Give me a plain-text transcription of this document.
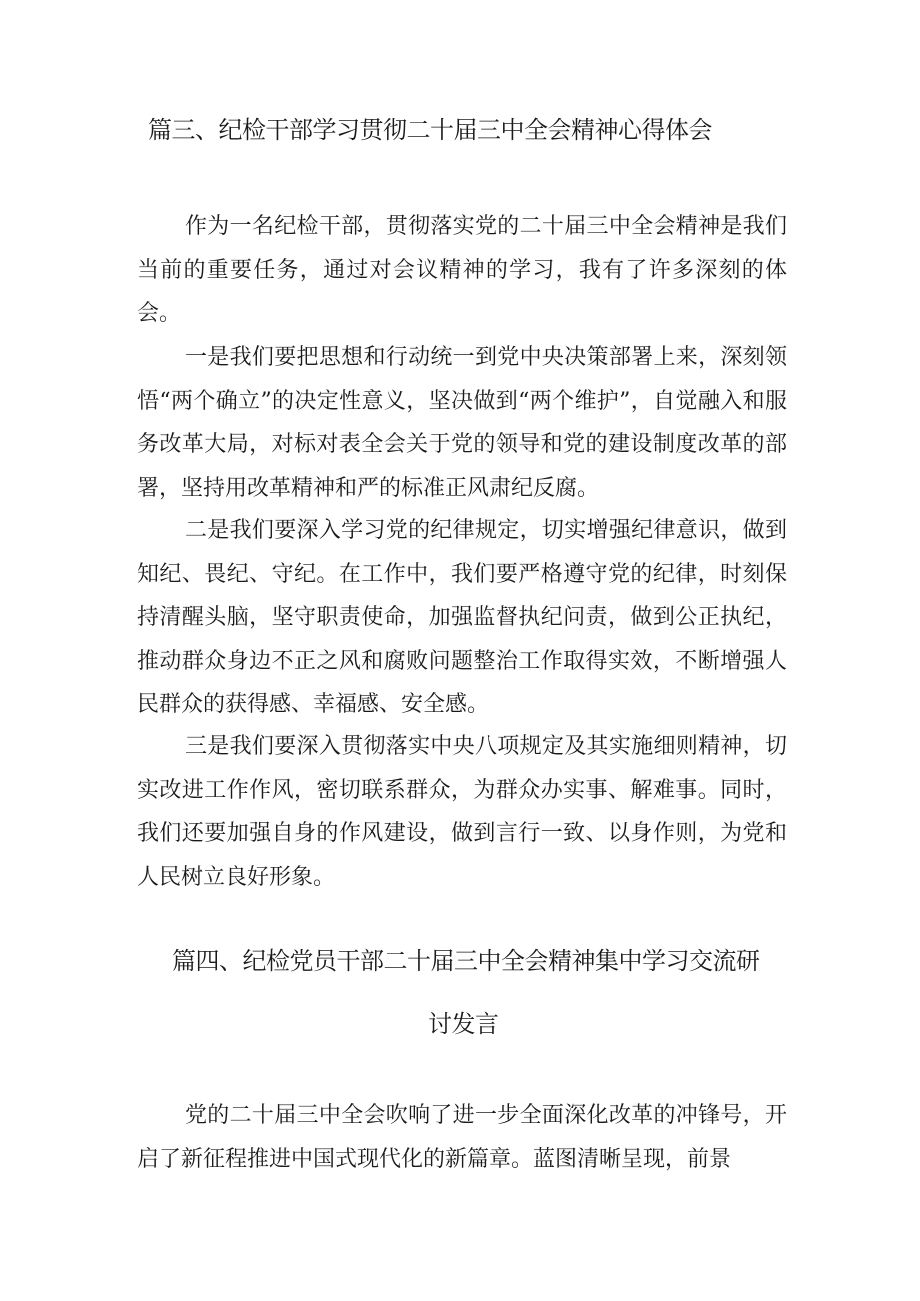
篇三、纪检干部学习贯彻二十届三中全会精神心得体会

作为一名纪检干部，贯彻落实党的二十届三中全会精神是我们当前的重要任务，通过对会议精神的学习，我有了许多深刻的体会。

一是我们要把思想和行动统一到党中央决策部署上来，深刻领悟“两个确立”的决定性意义，坚决做到“两个维护”，自觉融入和服务改革大局，对标对表全会关于党的领导和党的建设制度改革的部署，坚持用改革精神和严的标准正风肃纪反腐。

二是我们要深入学习党的纪律规定，切实增强纪律意识，做到知纪、畏纪、守纪。在工作中，我们要严格遵守党的纪律，时刻保持清醒头脑，坚守职责使命，加强监督执纪问责，做到公正执纪，推动群众身边不正之风和腐败问题整治工作取得实效，不断增强人民群众的获得感、幸福感、安全感。

三是我们要深入贯彻落实中央八项规定及其实施细则精神，切实改进工作作风，密切联系群众，为群众办实事、解难事。同时，我们还要加强自身的作风建设，做到言行一致、以身作则，为党和人民树立良好形象。

篇四、纪检党员干部二十届三中全会精神集中学习交流研
讨发言

党的二十届三中全会吹响了进一步全面深化改革的冲锋号，开启了新征程推进中国式现代化的新篇章。蓝图清晰呈现，前景
